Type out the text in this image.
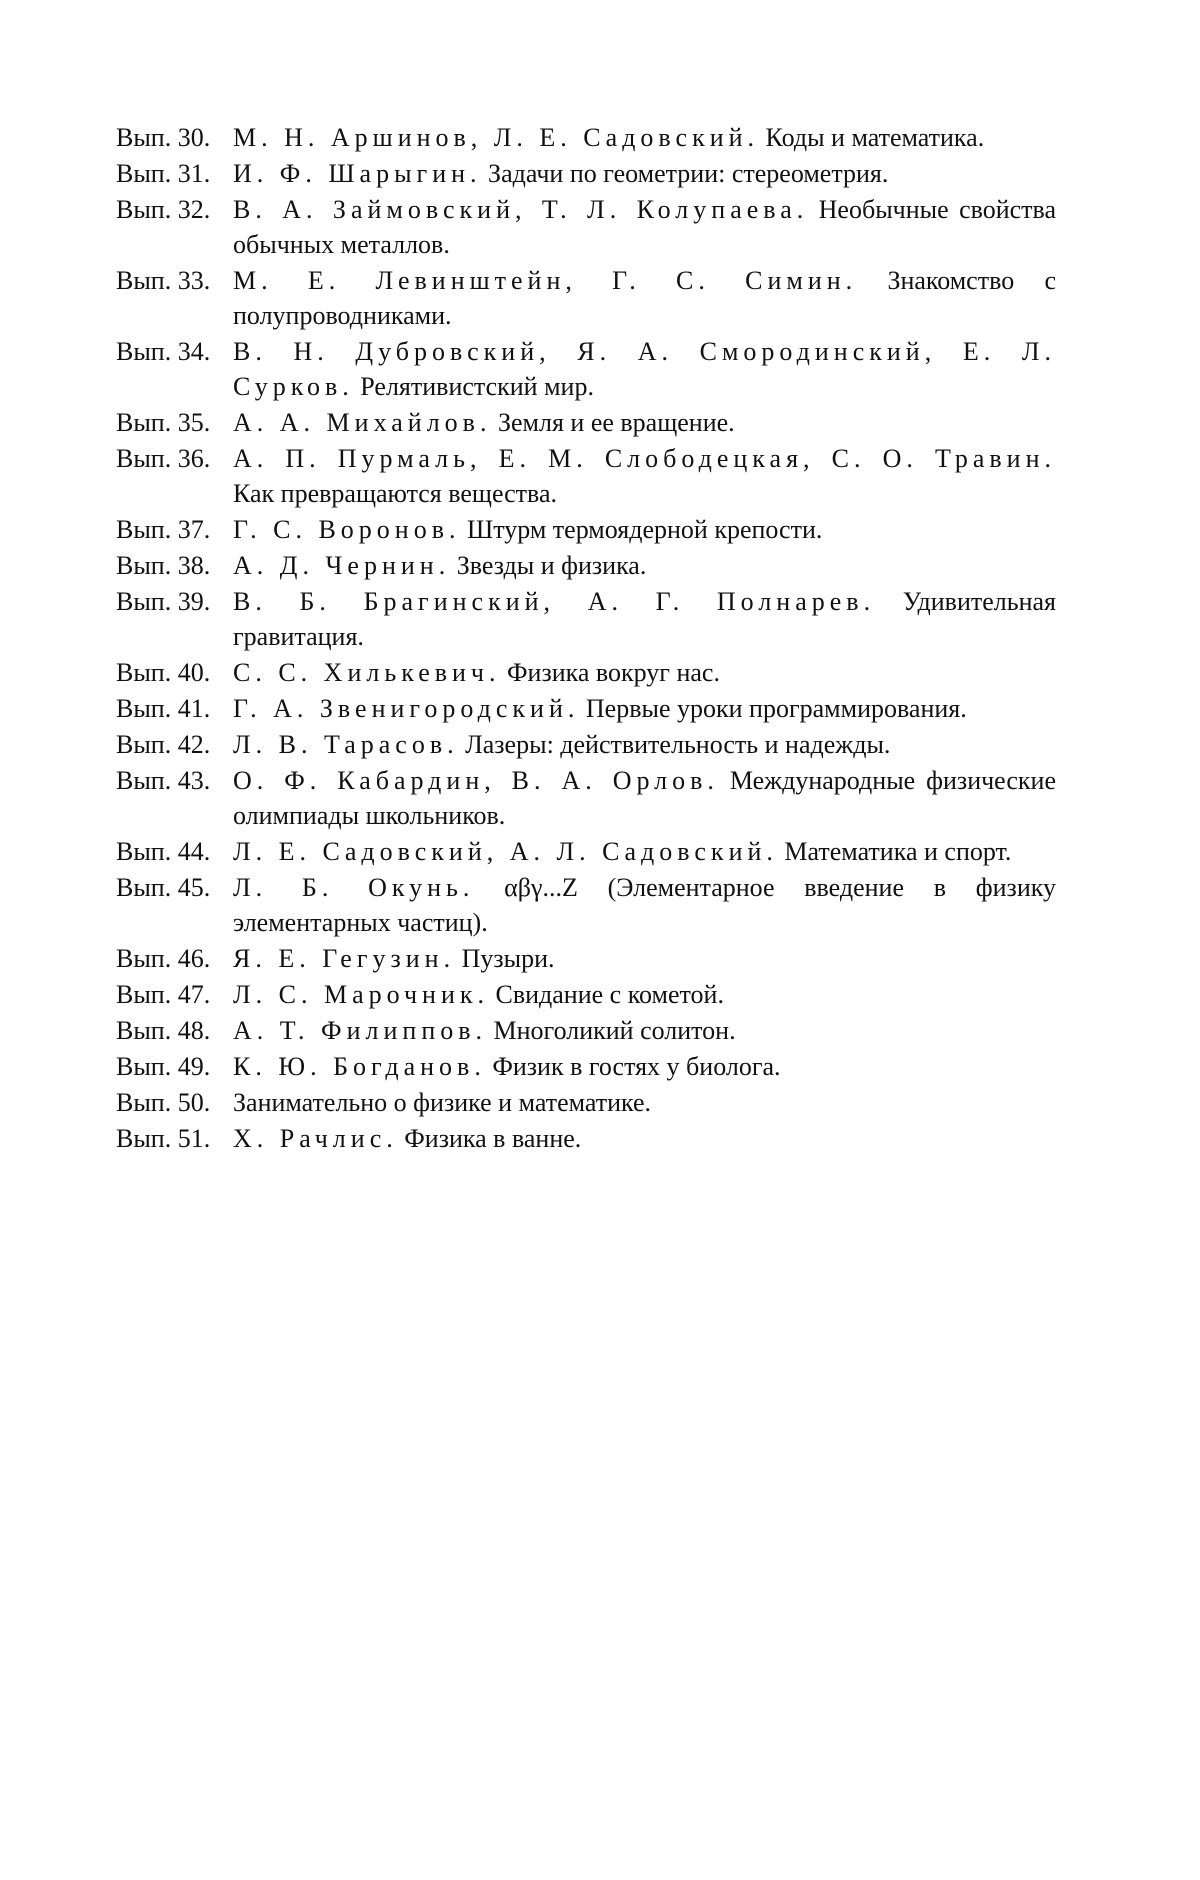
Вып. 30. М. Н. Аршинов, Л. Е. Садовский. Коды и математика.
Вып. 31. И. Ф. Шарыгин. Задачи по геометрии: стереометрия.
Вып. 32. В. А. Займовский, Т. Л. Колупаева. Необычные свойства обычных металлов.
Вып. 33. М. Е. Левинштейн, Г. С. Симин. Знакомство с полупроводниками.
Вып. 34. В. Н. Дубровский, Я. А. Смородинский, Е. Л. Сурков. Релятивистский мир.
Вып. 35. А. А. Михайлов. Земля и ее вращение.
Вып. 36. А. П. Пурмаль, Е. М. Слободецкая, С. О. Травин. Как превращаются вещества.
Вып. 37. Г. С. Воронов. Штурм термоядерной крепости.
Вып. 38. А. Д. Чернин. Звезды и физика.
Вып. 39. В. Б. Брагинский, А. Г. Полнарев. Удивительная гравитация.
Вып. 40. С. С. Хилькевич. Физика вокруг нас.
Вып. 41. Г. А. Звенигородский. Первые уроки программирования.
Вып. 42. Л. В. Тарасов. Лазеры: действительность и надежды.
Вып. 43. О. Ф. Кабардин, В. А. Орлов. Международные физические олимпиады школьников.
Вып. 44. Л. Е. Садовский, А. Л. Садовский. Математика и спорт.
Вып. 45. Л. Б. Окунь. αβγ...Z (Элементарное введение в физику элементарных частиц).
Вып. 46. Я. Е. Гегузин. Пузыри.
Вып. 47. Л. С. Марочник. Свидание с кометой.
Вып. 48. А. Т. Филиппов. Многоликий солитон.
Вып. 49. К. Ю. Богданов. Физик в гостях у биолога.
Вып. 50. Занимательно о физике и математике.
Вып. 51. Х. Рачлис. Физика в ванне.
